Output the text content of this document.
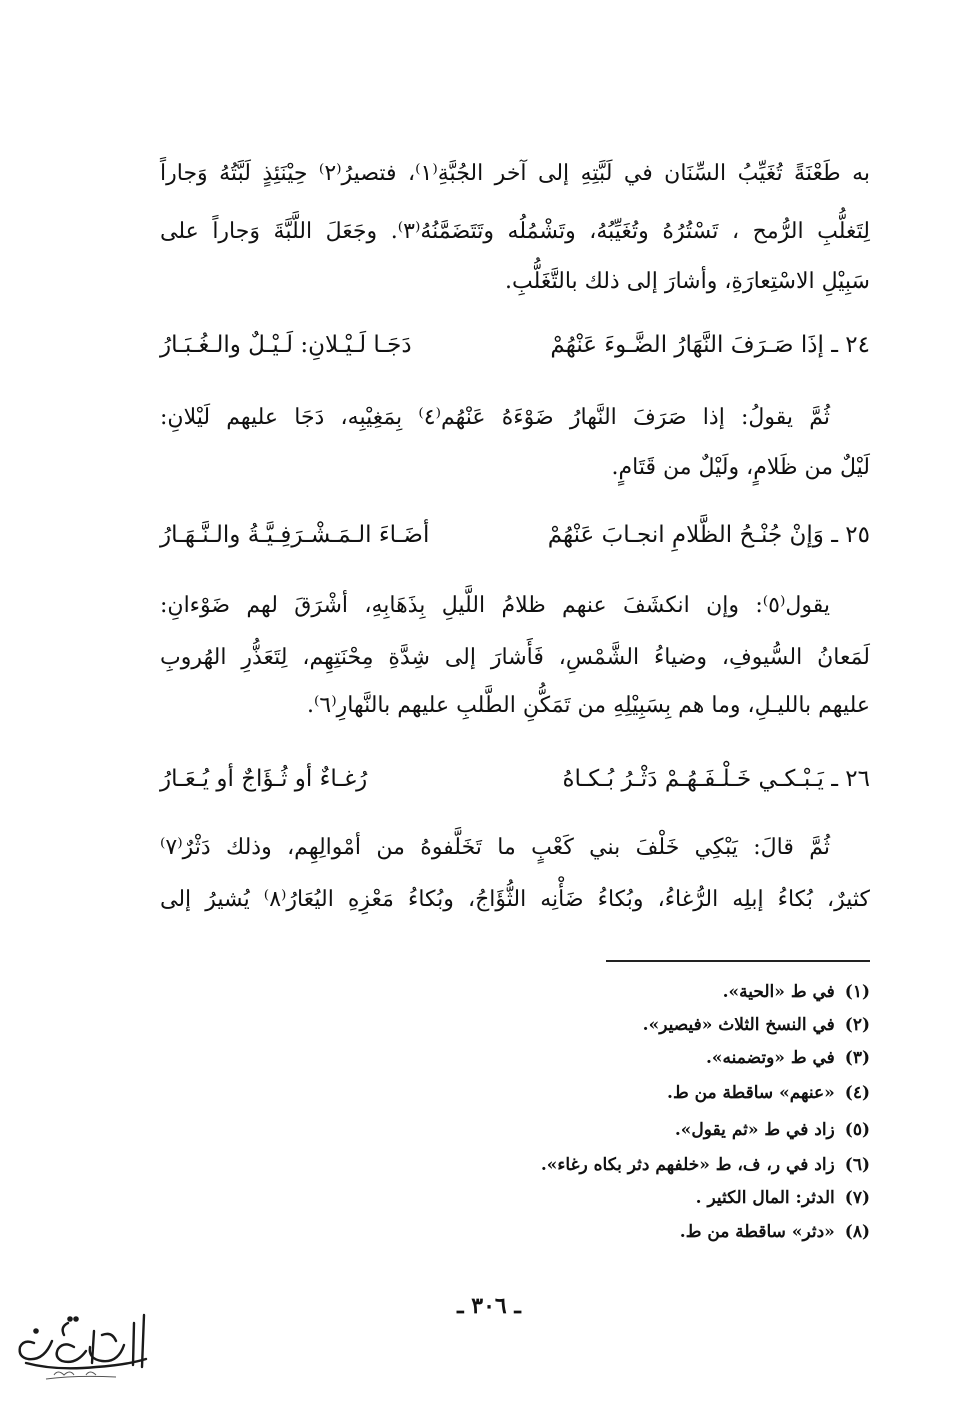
به طَعْنَةً تُغَيِّبُ السِّنَان في لَبَّتِهِ إلى آخر الجُبَّةِ⁽١⁾، فتصيرُ⁽٢⁾ حِيْنَئِذٍ لَبَّتُهُ وَجاراً
لِتَغلُّبِ الرُّمح ، تَسْتُرُهُ وتُغَيِّبُهُ، وتَشْمُلُه وتَتَضَمَّنُهُ⁽٣⁾. وجَعَلَ اللَّبَّةَ وَجاراً على
سَبِيْلِ الاسْتِعارَةِ، وأشارَ إلى ذلك بالتَّغَلُّبِ.
٢٤ ـ إذَا صَـرَفَ النَّهَارُ الضَّـوءَ عَنْهُمْ
دَجَـا لَـيْـلانِ: لَـيْـلٌ والـغُـبَـارُ
ثُمَّ يقولُ: إذا صَرَفَ النَّهارُ ضَوْءَهُ عَنْهُم⁽٤⁾ بِمَغِيْبِه، دَجَا عليهم لَيْلانِ:
لَيْلٌ من ظَلامٍ، ولَيْلٌ من قَتَامٍ.
٢٥ ـ وَإنْ جُنْـحُ الظَّلامِ انجـابَ عَنْهُمْ
أضَـاءَ الـمَـشْـرَفِـيَّـةُ والـنَّـهَـارُ
يقول⁽٥⁾: وإن انكشَفَ عنهم ظلامُ اللَّيلِ بِذَهَابِهِ، أشْرَقَ لهم ضَوْءانِ:
لَمَعانُ السُّيوفِ، وضياءُ الشَّمْسِ، فَأَشارَ إلى شِدَّةِ مِحْنَتِهِم، لِتَعَذُّرِ الهُروبِ
عليهم بالليـلِ، وما هم بِسَبِيْلِهِ من تَمَكُّنِ الطَّلبِ عليهم بالنَّهارِ⁽٦⁾.
٢٦ ـ يَـبْـكـي خَـلْـفَـهُـمْ دَثْـرُ بُـكـاهُ
رُغـاءٌ أو ثُـؤَاجٌ أو يُـعَـارُ
ثُمَّ قالَ: يَبْكِي خَلْفَ بني كَعْبٍ ما تَخَلَّفوهُ من أمْوالِهِم، وذلك دَثْرٌ⁽٧⁾
كثيرٌ، بُكاءُ إبلِه الرُّغاءُ، وبُكاءُ ضَأْنِه الثُّؤَاجُ، وبُكاءُ مَعْزِهِ اليُعَارُ⁽٨⁾ يُشيرُ إلى
(١)في ط «الحية».
(٢)في النسخ الثلاث «فيصير».
(٣)في ط «وتضمنه».
(٤)«عنهم» ساقطة من ط.
(٥)زاد في ط «ثم يقول».
(٦)زاد في ر، ف، ط «خلفهم دثر بكاه رغاء».
(٧)الدثر: المال الكثير .
(٨)«دثر» ساقطة من ط.
ـ ٣٠٦ ـ
